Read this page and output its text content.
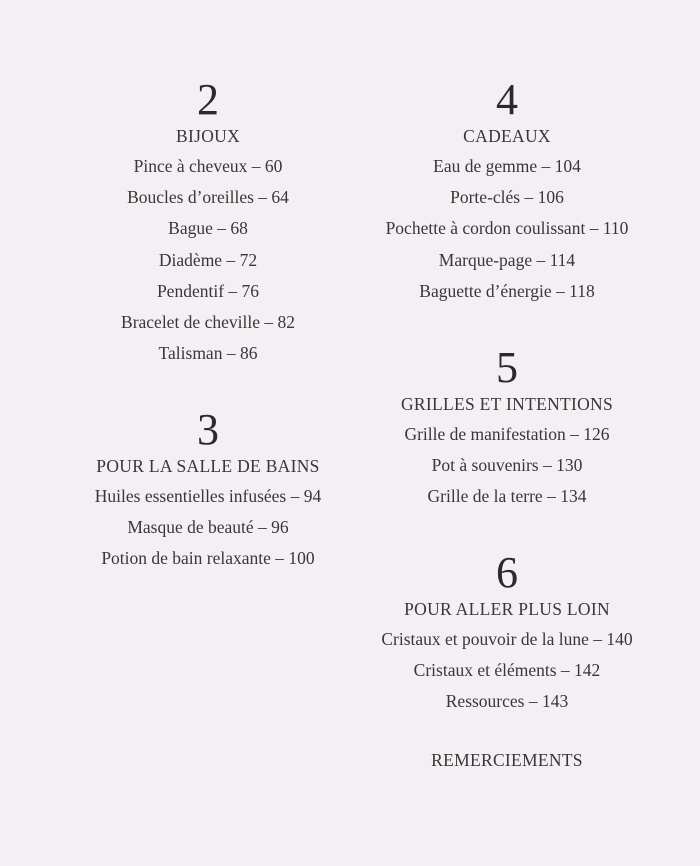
2
BIJOUX
Pince à cheveux – 60
Boucles d’oreilles – 64
Bague – 68
Diadème – 72
Pendentif – 76
Bracelet de cheville – 82
Talisman – 86
3
POUR LA SALLE DE BAINS
Huiles essentielles infusées – 94
Masque de beauté – 96
Potion de bain relaxante – 100
4
CADEAUX
Eau de gemme – 104
Porte-clés – 106
Pochette à cordon coulissant – 110
Marque-page – 114
Baguette d’énergie – 118
5
GRILLES ET INTENTIONS
Grille de manifestation – 126
Pot à souvenirs – 130
Grille de la terre – 134
6
POUR ALLER PLUS LOIN
Cristaux et pouvoir de la lune – 140
Cristaux et éléments – 142
Ressources – 143
REMERCIEMENTS
